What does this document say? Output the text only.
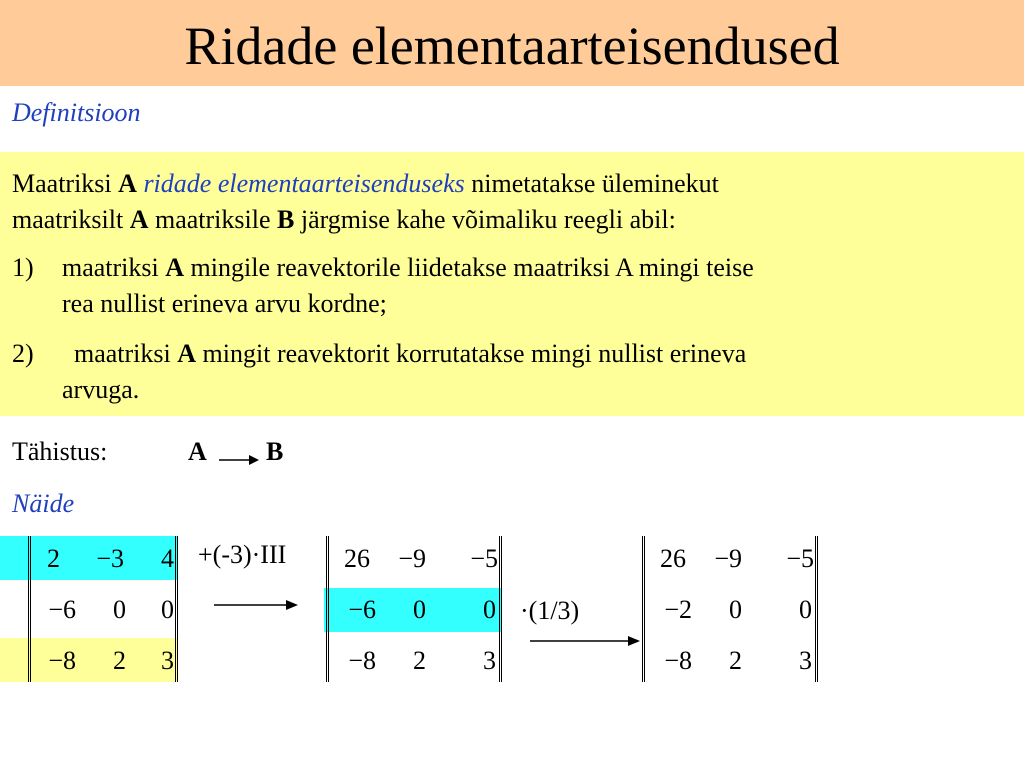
Ridade elementaarteisendused
Definitsioon
Maatriksi A ridade elementaarteisenduseks nimetatakse üleminekut
maatriksilt A maatriksile B järgmise kahe võimaliku reegli abil:
1) maatriksi A mingile reavektorile liidetakse maatriksi A mingi teise
rea nullist erineva arvu kordne;
2) maatriksi A mingit reavektorit korrutatakse mingi nullist erineva
arvuga.
Tähistus:	A B
Näide
2	−3	4
−6	0	0
−8	2	3
+(-3)·III	26	−9	−5
−6	0	0
−8	2	3
·(1/3)
26	−9	−5
−2	0	0
−8	2	3
